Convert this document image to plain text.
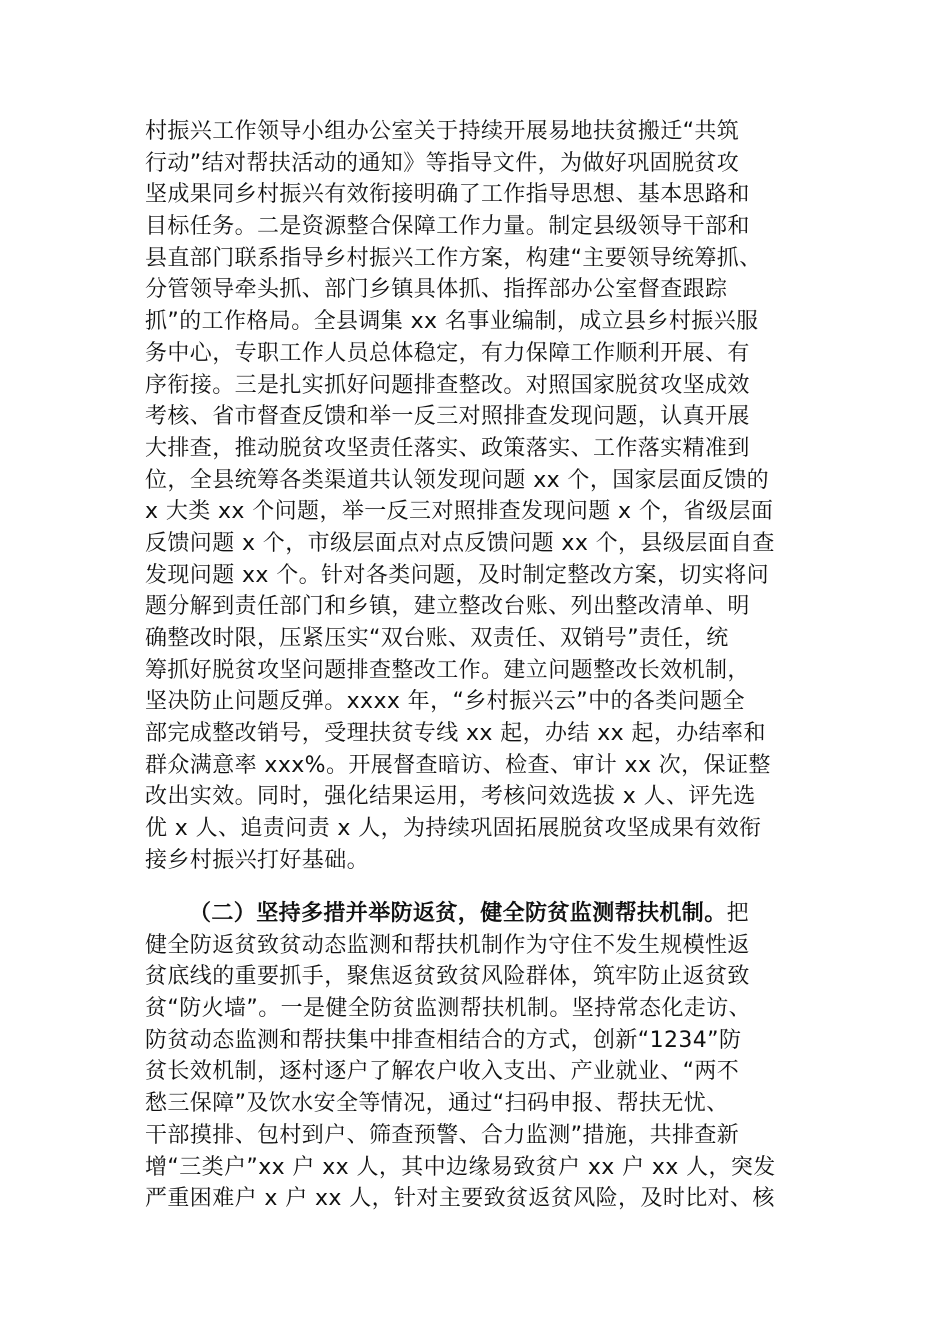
村振兴工作领导小组办公室关于持续开展易地扶贫搬迁“共筑
行动”结对帮扶活动的通知》等指导文件，为做好巩固脱贫攻
坚成果同乡村振兴有效衔接明确了工作指导思想、基本思路和
目标任务。二是资源整合保障工作力量。制定县级领导干部和
县直部门联系指导乡村振兴工作方案，构建“主要领导统筹抓、
分管领导牵头抓、部门乡镇具体抓、指挥部办公室督查跟踪
抓”的工作格局。全县调集 xx 名事业编制，成立县乡村振兴服
务中心，专职工作人员总体稳定，有力保障工作顺利开展、有
序衔接。三是扎实抓好问题排查整改。对照国家脱贫攻坚成效
考核、省市督查反馈和举一反三对照排查发现问题，认真开展
大排查，推动脱贫攻坚责任落实、政策落实、工作落实精准到
位，全县统筹各类渠道共认领发现问题 xx 个，国家层面反馈的
x 大类 xx 个问题，举一反三对照排查发现问题 x 个，省级层面
反馈问题 x 个，市级层面点对点反馈问题 xx 个，县级层面自查
发现问题 xx 个。针对各类问题，及时制定整改方案，切实将问
题分解到责任部门和乡镇，建立整改台账、列出整改清单、明
确整改时限，压紧压实“双台账、双责任、双销号”责任，统
筹抓好脱贫攻坚问题排查整改工作。建立问题整改长效机制，
坚决防止问题反弹。xxxx 年，“乡村振兴云”中的各类问题全
部完成整改销号，受理扶贫专线 xx 起，办结 xx 起，办结率和
群众满意率 xxx%。开展督查暗访、检查、审计 xx 次，保证整
改出实效。同时，强化结果运用，考核问效选拔 x 人、评先选
优 x 人、追责问责 x 人，为持续巩固拓展脱贫攻坚成果有效衔
接乡村振兴打好基础。
（二）坚持多措并举防返贫，健全防贫监测帮扶机制。把
健全防返贫致贫动态监测和帮扶机制作为守住不发生规模性返
贫底线的重要抓手，聚焦返贫致贫风险群体，筑牢防止返贫致
贫“防火墙”。一是健全防贫监测帮扶机制。坚持常态化走访、
防贫动态监测和帮扶集中排查相结合的方式，创新“1234”防
贫长效机制，逐村逐户了解农户收入支出、产业就业、“两不
愁三保障”及饮水安全等情况，通过“扫码申报、帮扶无忧、
干部摸排、包村到户、筛查预警、合力监测”措施，共排查新
增“三类户”xx 户 xx 人，其中边缘易致贫户 xx 户 xx 人，突发
严重困难户 x 户 xx 人，针对主要致贫返贫风险，及时比对、核
